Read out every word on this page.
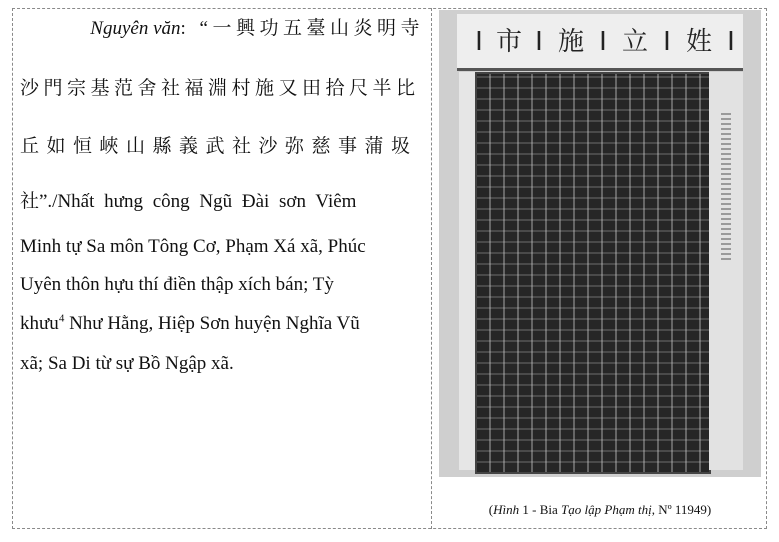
Nguyên văn: “一興功五臺山炎明寺
沙門宗基范舍社福淵村施又田拾尺半比
丘如恒峽山縣義武社沙弥慈事蒲圾
社”./Nhất hưng công Ngũ Đài sơn Viêm
Minh tự Sa môn Tông Cơ, Phạm Xá xã, Phúc
Uyên thôn hựu thí điền thập xích bán; Tỳ
khưu$^4$ Như Hằng, Hiệp Sơn huyện Nghĩa Vũ
xã; Sa Di từ sự Bồ Ngập xã.
I 市 I 施 I 立 I 姓 I
(Hình 1 - Bia Tạo lập Phạm thị, Nº 11949)
